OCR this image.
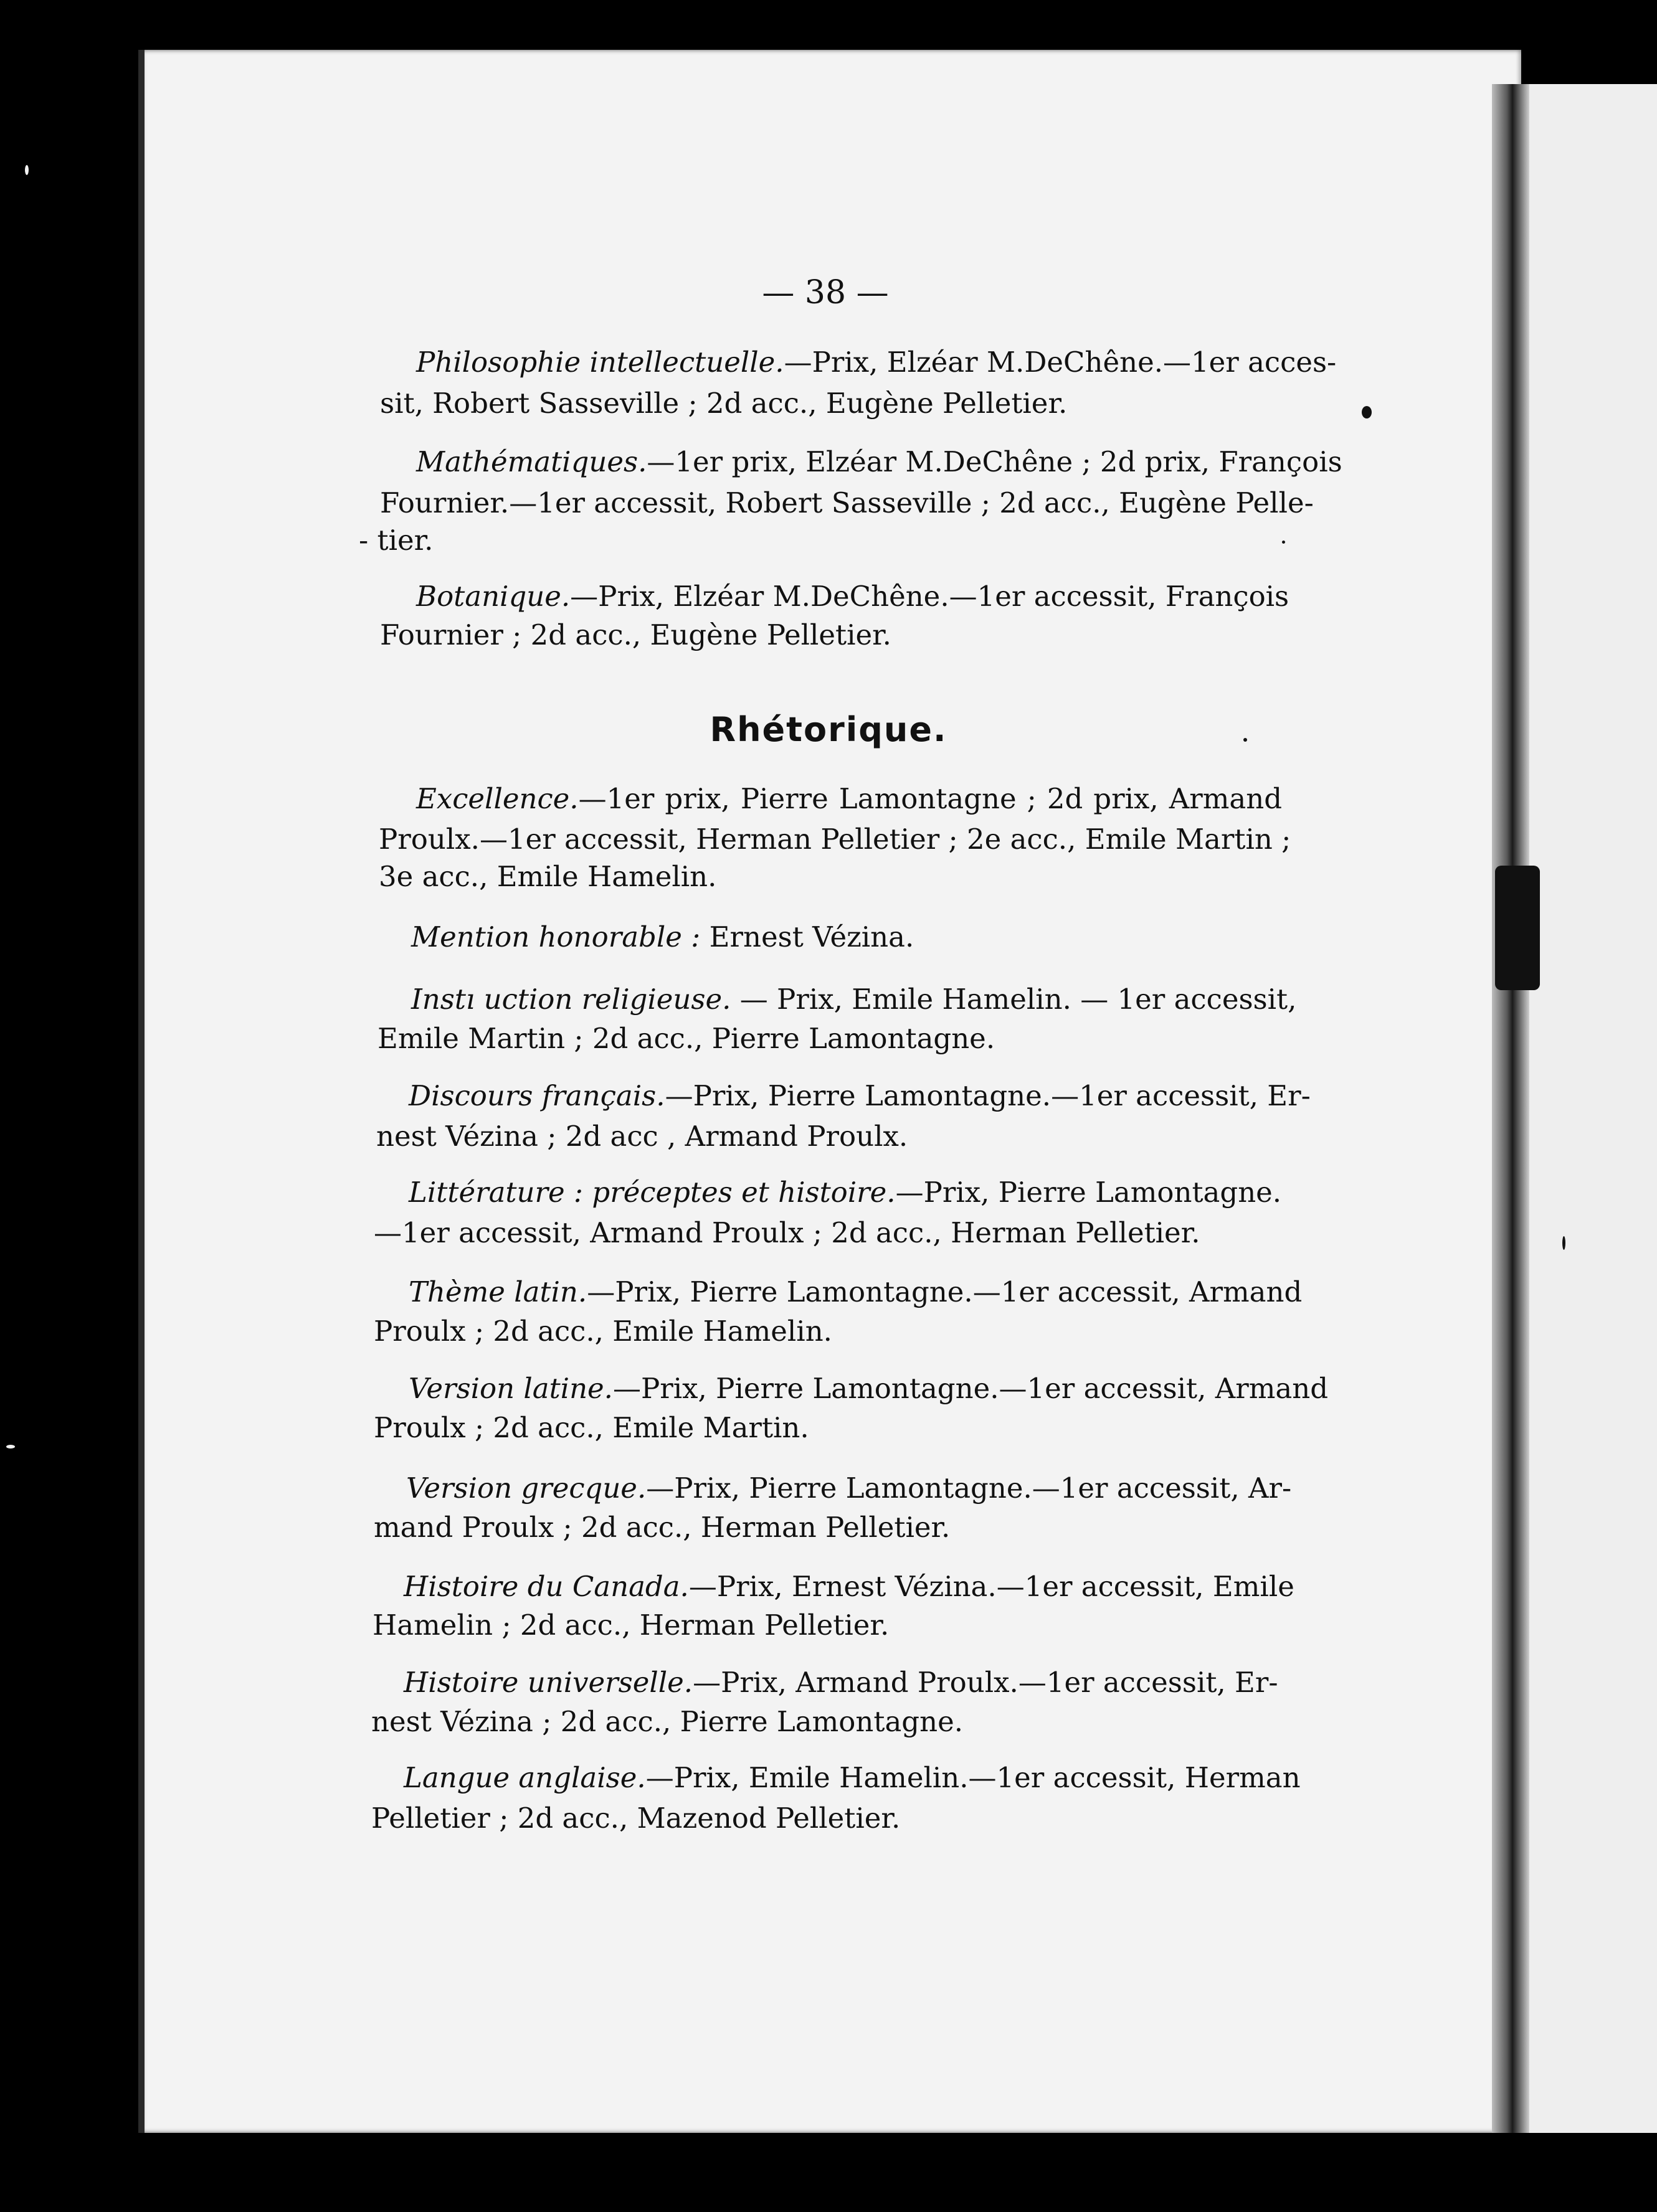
— 38 —
Philosophie intellectuelle.—Prix, Elzéar M.DeChêne.—1er acces-
sit, Robert Sasseville ; 2d acc., Eugène Pelletier.
Mathématiques.—1er prix, Elzéar M.DeChêne ; 2d prix, François
Fournier.—1er accessit, Robert Sasseville ; 2d acc., Eugène Pelle-
- tier.
Botanique.—Prix, Elzéar M.DeChêne.—1er accessit, François
Fournier ; 2d acc., Eugène Pelletier.
Rhétorique.
Excellence.—1er prix, Pierre Lamontagne ; 2d prix, Armand
Proulx.—1er accessit, Herman Pelletier ; 2e acc., Emile Martin ;
3e acc., Emile Hamelin.
Mention honorable : Ernest Vézina.
Instı uction religieuse. — Prix, Emile Hamelin. — 1er accessit,
Emile Martin ; 2d acc., Pierre Lamontagne.
Discours français.—Prix, Pierre Lamontagne.—1er accessit, Er-
nest Vézina ; 2d acc , Armand Proulx.
Littérature : préceptes et histoire.—Prix, Pierre Lamontagne.
—1er accessit, Armand Proulx ; 2d acc., Herman Pelletier.
Thème latin.—Prix, Pierre Lamontagne.—1er accessit, Armand
Proulx ; 2d acc., Emile Hamelin.
Version latine.—Prix, Pierre Lamontagne.—1er accessit, Armand
Proulx ; 2d acc., Emile Martin.
Version grecque.—Prix, Pierre Lamontagne.—1er accessit, Ar-
mand Proulx ; 2d acc., Herman Pelletier.
Histoire du Canada.—Prix, Ernest Vézina.—1er accessit, Emile
Hamelin ; 2d acc., Herman Pelletier.
Histoire universelle.—Prix, Armand Proulx.—1er accessit, Er-
nest Vézina ; 2d acc., Pierre Lamontagne.
Langue anglaise.—Prix, Emile Hamelin.—1er accessit, Herman
Pelletier ; 2d acc., Mazenod Pelletier.
